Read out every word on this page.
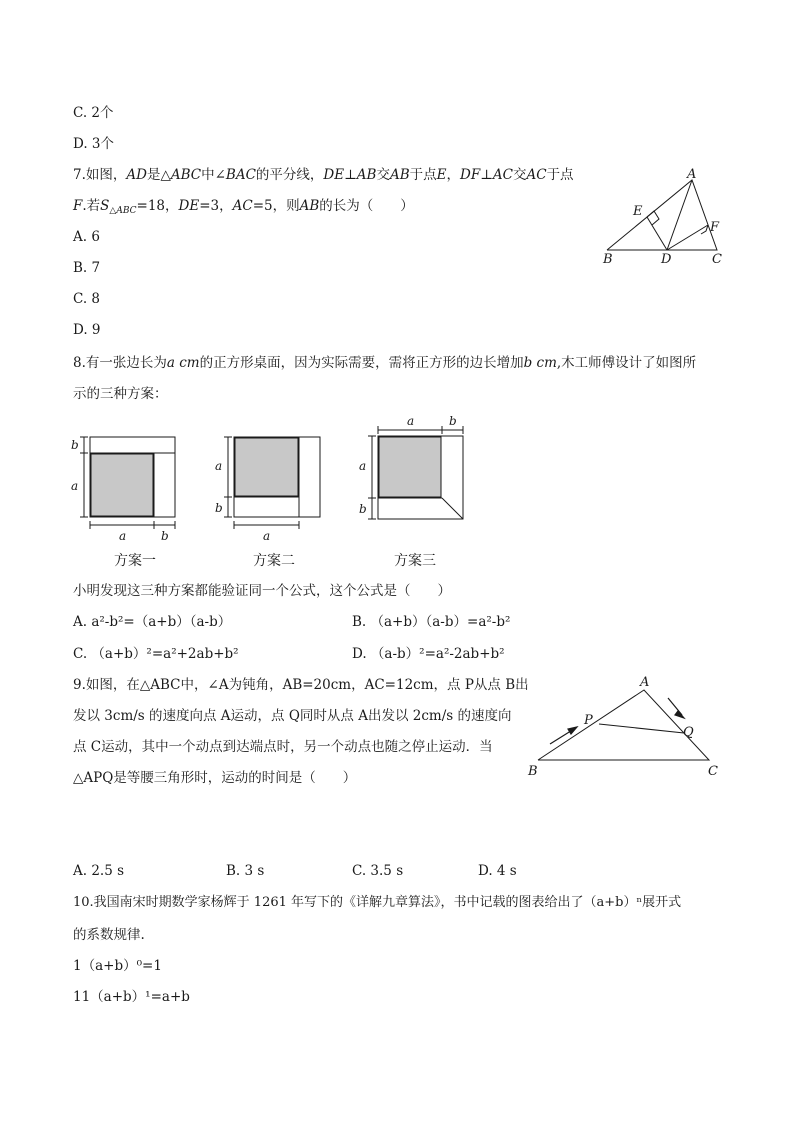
C. 2个
D. 3个
7.如图，AD是△ABC中∠BAC的平分线，DE⊥AB交AB于点E，DF⊥AC交AC于点
F.若$S_{\triangle ABC}=18$，DE=3，AC=5，则AB的长为（　　）
A. 6
B. 7
C. 8
D. 9
A
B	C
D
E
F
8.有一张边长为a cm的正方形桌面，因为实际需要，需将正方形的边长增加b cm,木工师傅设计了如图所
示的三种方案：
b
a
a	b
方案一
a
b
a
方案二
a	b
a
b
方案三
小明发现这三种方案都能验证同一个公式，这个公式是（　　）
A. a²-b²=（a+b）（a-b）	B. （a+b）（a-b）=a²-b²
C. （a+b）²=a²+2ab+b²	D. （a-b）²=a²-2ab+b²
9.如图，在△ABC中，∠A为钝角，AB=20cm，AC=12cm，点 P从点 B出
发以 3cm/s 的速度向点 A运动，点 Q同时从点 A出发以 2cm/s 的速度向
点 C运动，其中一个动点到达端点时，另一个动点也随之停止运动．当
△APQ是等腰三角形时，运动的时间是（　　）
A
B	C
P
Q
A. 2.5 s	B. 3 s	C. 3.5 s	D. 4 s
10.我国南宋时期数学家杨辉于 1261 年写下的《详解九章算法》，书中记载的图表给出了（a+b）ⁿ展开式
的系数规律.
1（a+b）⁰=1
11（a+b）¹=a+b
